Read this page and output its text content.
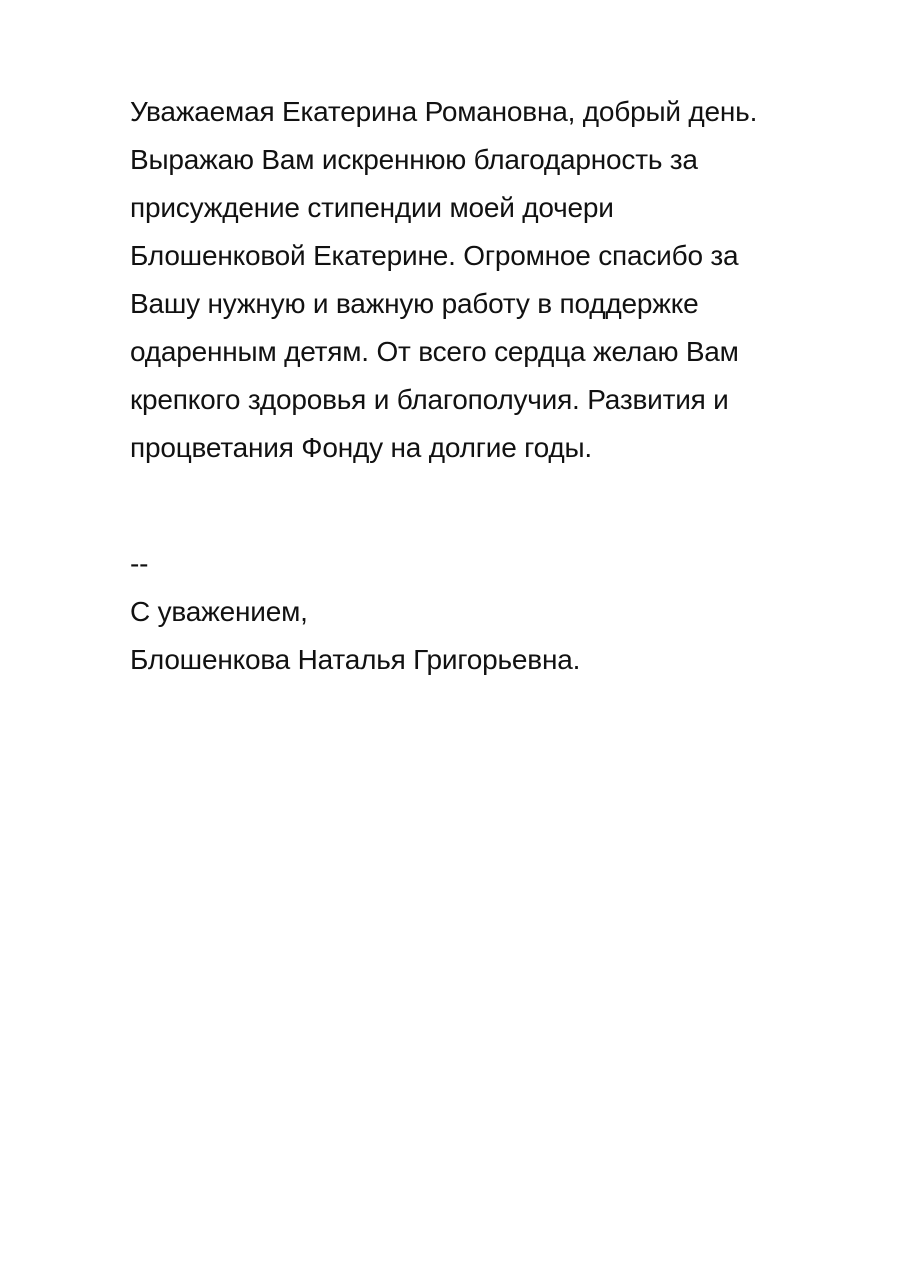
Уважаемая Екатерина Романовна, добрый день.
Выражаю Вам искреннюю благодарность за
присуждение стипендии моей дочери
Блошенковой Екатерине. Огромное спасибо за
Вашу нужную и важную работу в поддержке
одаренным детям. От всего сердца желаю Вам
крепкого здоровья и благополучия. Развития и
процветания Фонду на долгие годы.
--
С уважением,
Блошенкова Наталья Григорьевна.
